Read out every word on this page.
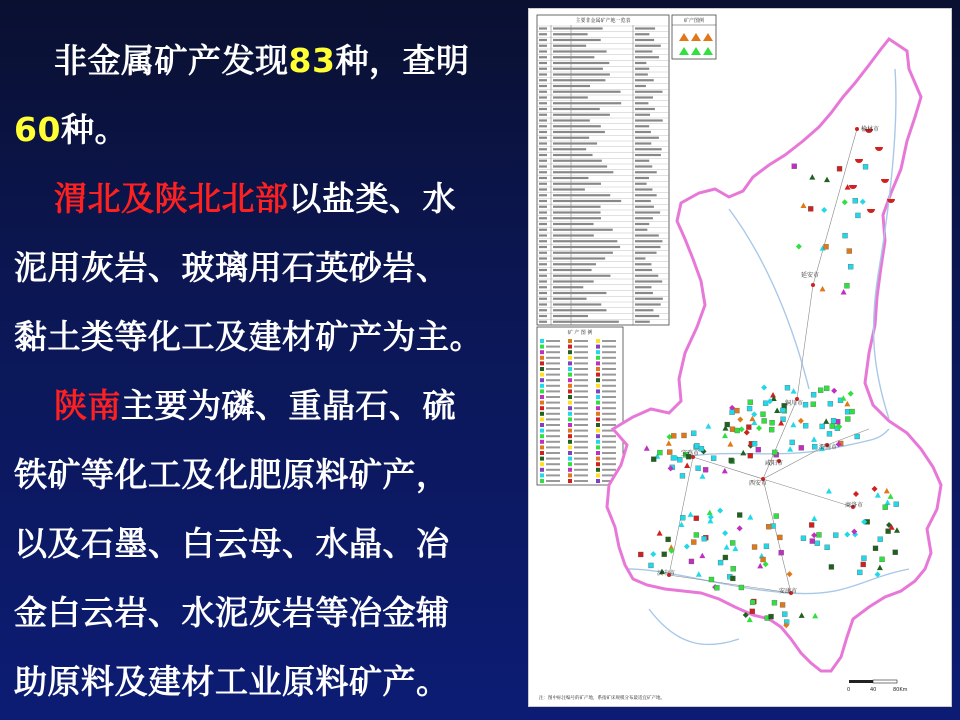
非金属矿产发现83种，查明
60种。
渭北及陕北北部以盐类、水
泥用灰岩、玻璃用石英砂岩、
黏土类等化工及建材矿产为主。
陕南主要为磷、重晶石、硫
铁矿等化工及化肥原料矿产，
以及石墨、白云母、水晶、冶
金白云岩、水泥灰岩等冶金辅
助原料及建材工业原料矿产。
主要非金属矿产地一览表	矿产图例
矿 产 图 例
榆林市
延安市
铜川市
渭南市
咸阳市
西安市
宝鸡市
商洛市
汉中市
安康市
0	40	80Km
注：图中标注编号的矿产地，系指矿床规模分布最适宜矿产地。
